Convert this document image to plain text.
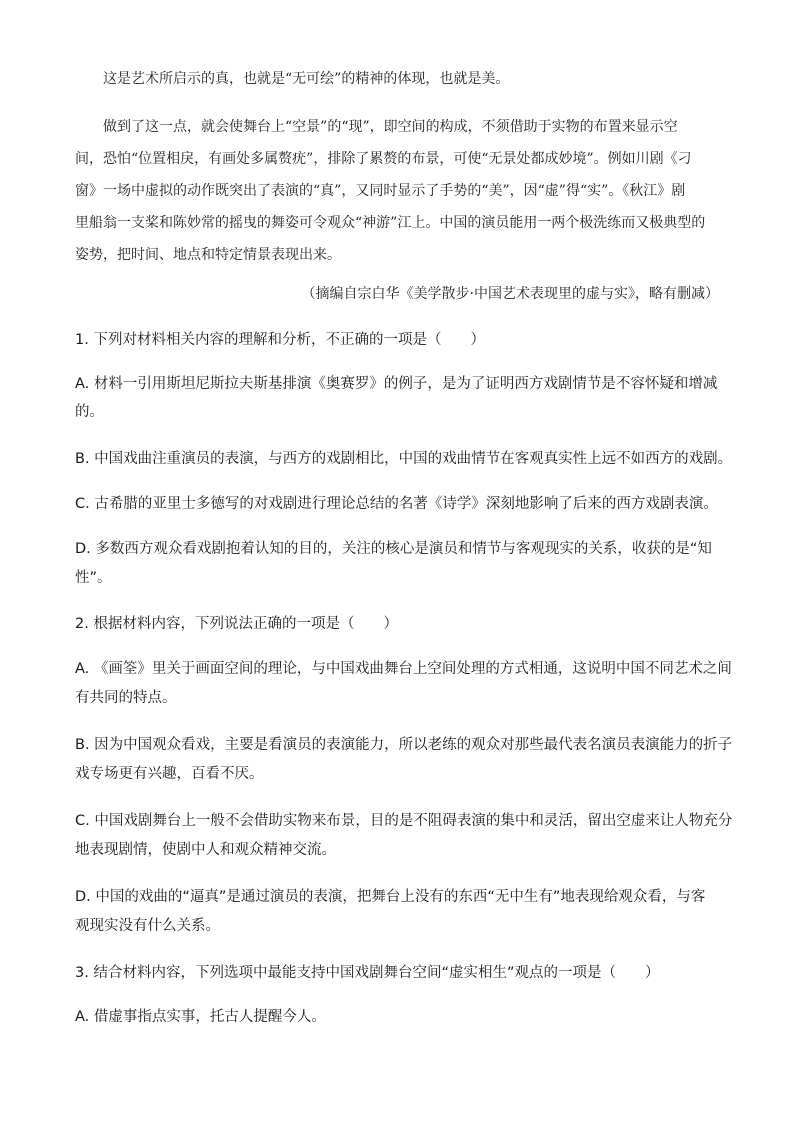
这是艺术所启示的真，也就是“无可绘”的精神的体现，也就是美。
做到了这一点，就会使舞台上“空景”的“现”，即空间的构成，不须借助于实物的布置来显示空
间，恐怕“位置相戾，有画处多属赘疣”，排除了累赘的布景，可使“无景处都成妙境”。例如川剧《刁
窗》一场中虚拟的动作既突出了表演的“真”，又同时显示了手势的“美”，因“虚”得“实”。《秋江》剧
里船翁一支桨和陈妙常的摇曳的舞姿可令观众“神游”江上。中国的演员能用一两个极洗练而又极典型的
姿势，把时间、地点和特定情景表现出来。
（摘编自宗白华《美学散步·中国艺术表现里的虚与实》，略有删减）
1. 下列对材料相关内容的理解和分析，不正确的一项是（　　）
A. 材料一引用斯坦尼斯拉夫斯基排演《奥赛罗》的例子，是为了证明西方戏剧情节是不容怀疑和增减
的。
B. 中国戏曲注重演员的表演，与西方的戏剧相比，中国的戏曲情节在客观真实性上远不如西方的戏剧。
C. 古希腊的亚里士多德写的对戏剧进行理论总结的名著《诗学》深刻地影响了后来的西方戏剧表演。
D. 多数西方观众看戏剧抱着认知的目的，关注的核心是演员和情节与客观现实的关系，收获的是“知
性”。
2. 根据材料内容，下列说法正确的一项是（　　）
A. 《画筌》里关于画面空间的理论，与中国戏曲舞台上空间处理的方式相通，这说明中国不同艺术之间
有共同的特点。
B. 因为中国观众看戏，主要是看演员的表演能力，所以老练的观众对那些最代表名演员表演能力的折子
戏专场更有兴趣，百看不厌。
C. 中国戏剧舞台上一般不会借助实物来布景，目的是不阻碍表演的集中和灵活，留出空虚来让人物充分
地表现剧情，使剧中人和观众精神交流。
D. 中国的戏曲的“逼真”是通过演员的表演，把舞台上没有的东西“无中生有”地表现给观众看，与客
观现实没有什么关系。
3. 结合材料内容，下列选项中最能支持中国戏剧舞台空间“虚实相生”观点的一项是（　　）
A. 借虚事指点实事，托古人提醒今人。
